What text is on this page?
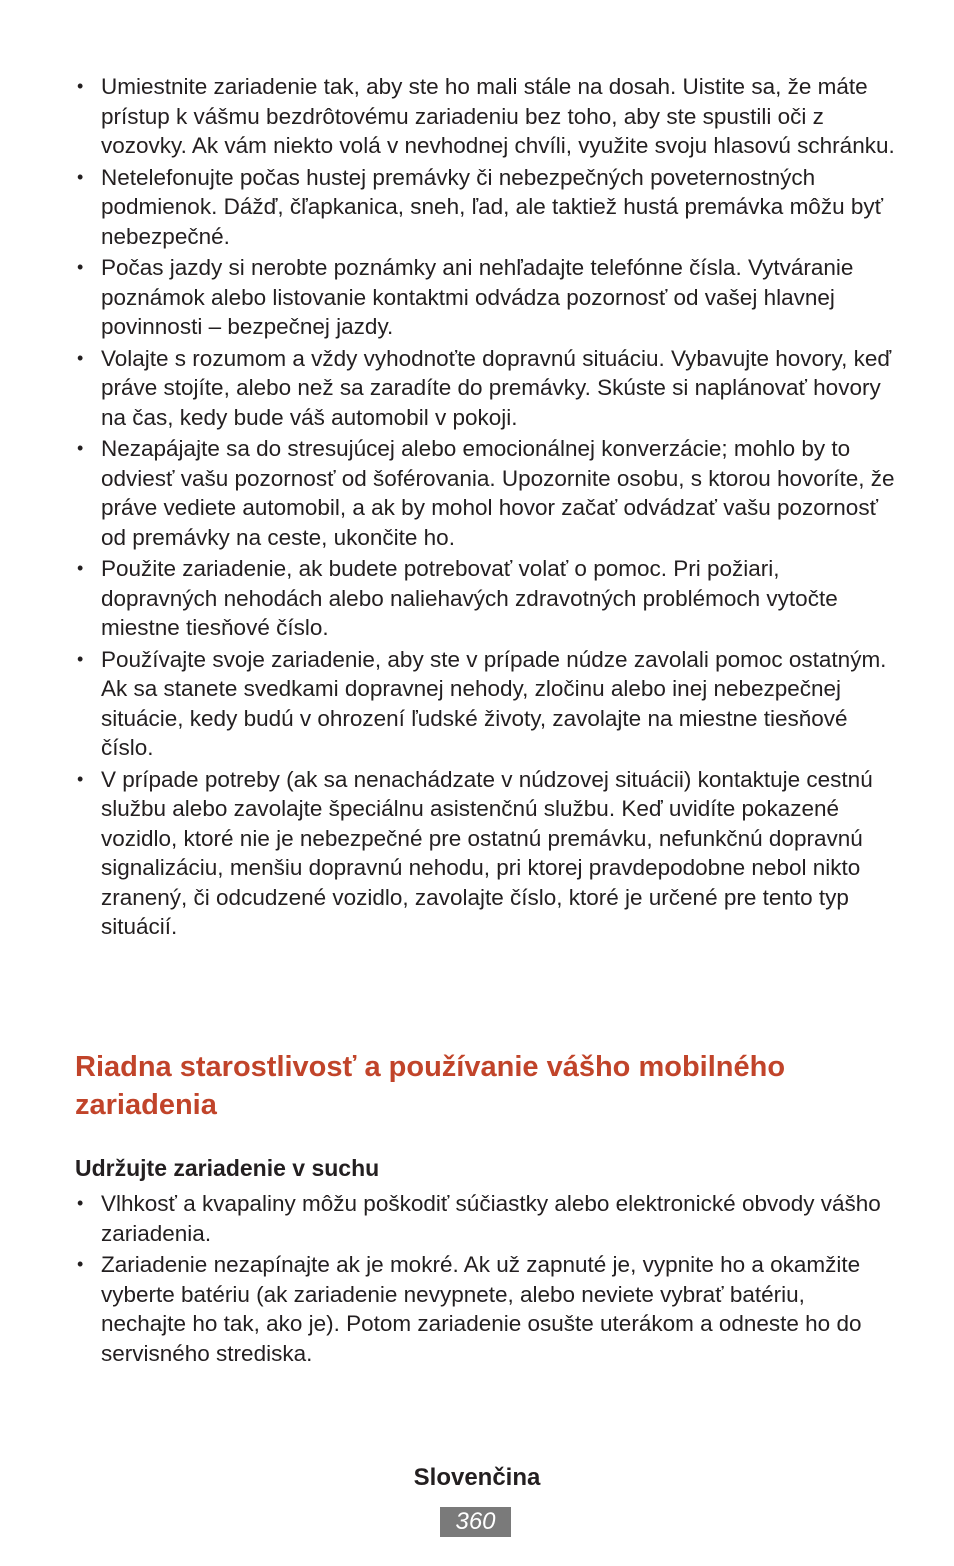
• Umiestnite zariadenie tak, aby ste ho mali stále na dosah. Uistite sa, že máte prístup k vášmu bezdrôtovému zariadeniu bez toho, aby ste spustili oči z vozovky. Ak vám niekto volá v nevhodnej chvíli, využite svoju hlasovú schránku.
• Netelefonujte počas hustej premávky či nebezpečných poveternostných podmienok. Dážď, čľapkanica, sneh, ľad, ale taktiež hustá premávka môžu byť nebezpečné.
• Počas jazdy si nerobte poznámky ani nehľadajte telefónne čísla. Vytváranie poznámok alebo listovanie kontaktmi odvádza pozornosť od vašej hlavnej povinnosti – bezpečnej jazdy.
• Volajte s rozumom a vždy vyhodnoťte dopravnú situáciu. Vybavujte hovory, keď práve stojíte, alebo než sa zaradíte do premávky. Skúste si naplánovať hovory na čas, kedy bude váš automobil v pokoji.
• Nezapájajte sa do stresujúcej alebo emocionálnej konverzácie; mohlo by to odviesť vašu pozornosť od šoférovania. Upozornite osobu, s ktorou hovoríte, že práve vediete automobil, a ak by mohol hovor začať odvádzať vašu pozornosť od premávky na ceste, ukončite ho.
• Použite zariadenie, ak budete potrebovať volať o pomoc. Pri požiari, dopravných nehodách alebo naliehavých zdravotných problémoch vytočte miestne tiesňové číslo.
• Používajte svoje zariadenie, aby ste v prípade núdze zavolali pomoc ostatným. Ak sa stanete svedkami dopravnej nehody, zločinu alebo inej nebezpečnej situácie, kedy budú v ohrození ľudské životy, zavolajte na miestne tiesňové číslo.
• V prípade potreby (ak sa nenachádzate v núdzovej situácii) kontaktuje cestnú službu alebo zavolajte špeciálnu asistenčnú službu. Keď uvidíte pokazené vozidlo, ktoré nie je nebezpečné pre ostatnú premávku, nefunkčnú dopravnú signalizáciu, menšiu dopravnú nehodu, pri ktorej pravdepodobne nebol nikto zranený, či odcudzené vozidlo, zavolajte číslo, ktoré je určené pre tento typ situácií.
Riadna starostlivosť a používanie vášho mobilného zariadenia
Udržujte zariadenie v suchu
• Vlhkosť a kvapaliny môžu poškodiť súčiastky alebo elektronické obvody vášho zariadenia.
• Zariadenie nezapínajte ak je mokré. Ak už zapnuté je, vypnite ho a okamžite vyberte batériu (ak zariadenie nevypnete, alebo neviete vybrať batériu, nechajte ho tak, ako je). Potom zariadenie osušte uterákom a odneste ho do servisného strediska.
Slovenčina
360
